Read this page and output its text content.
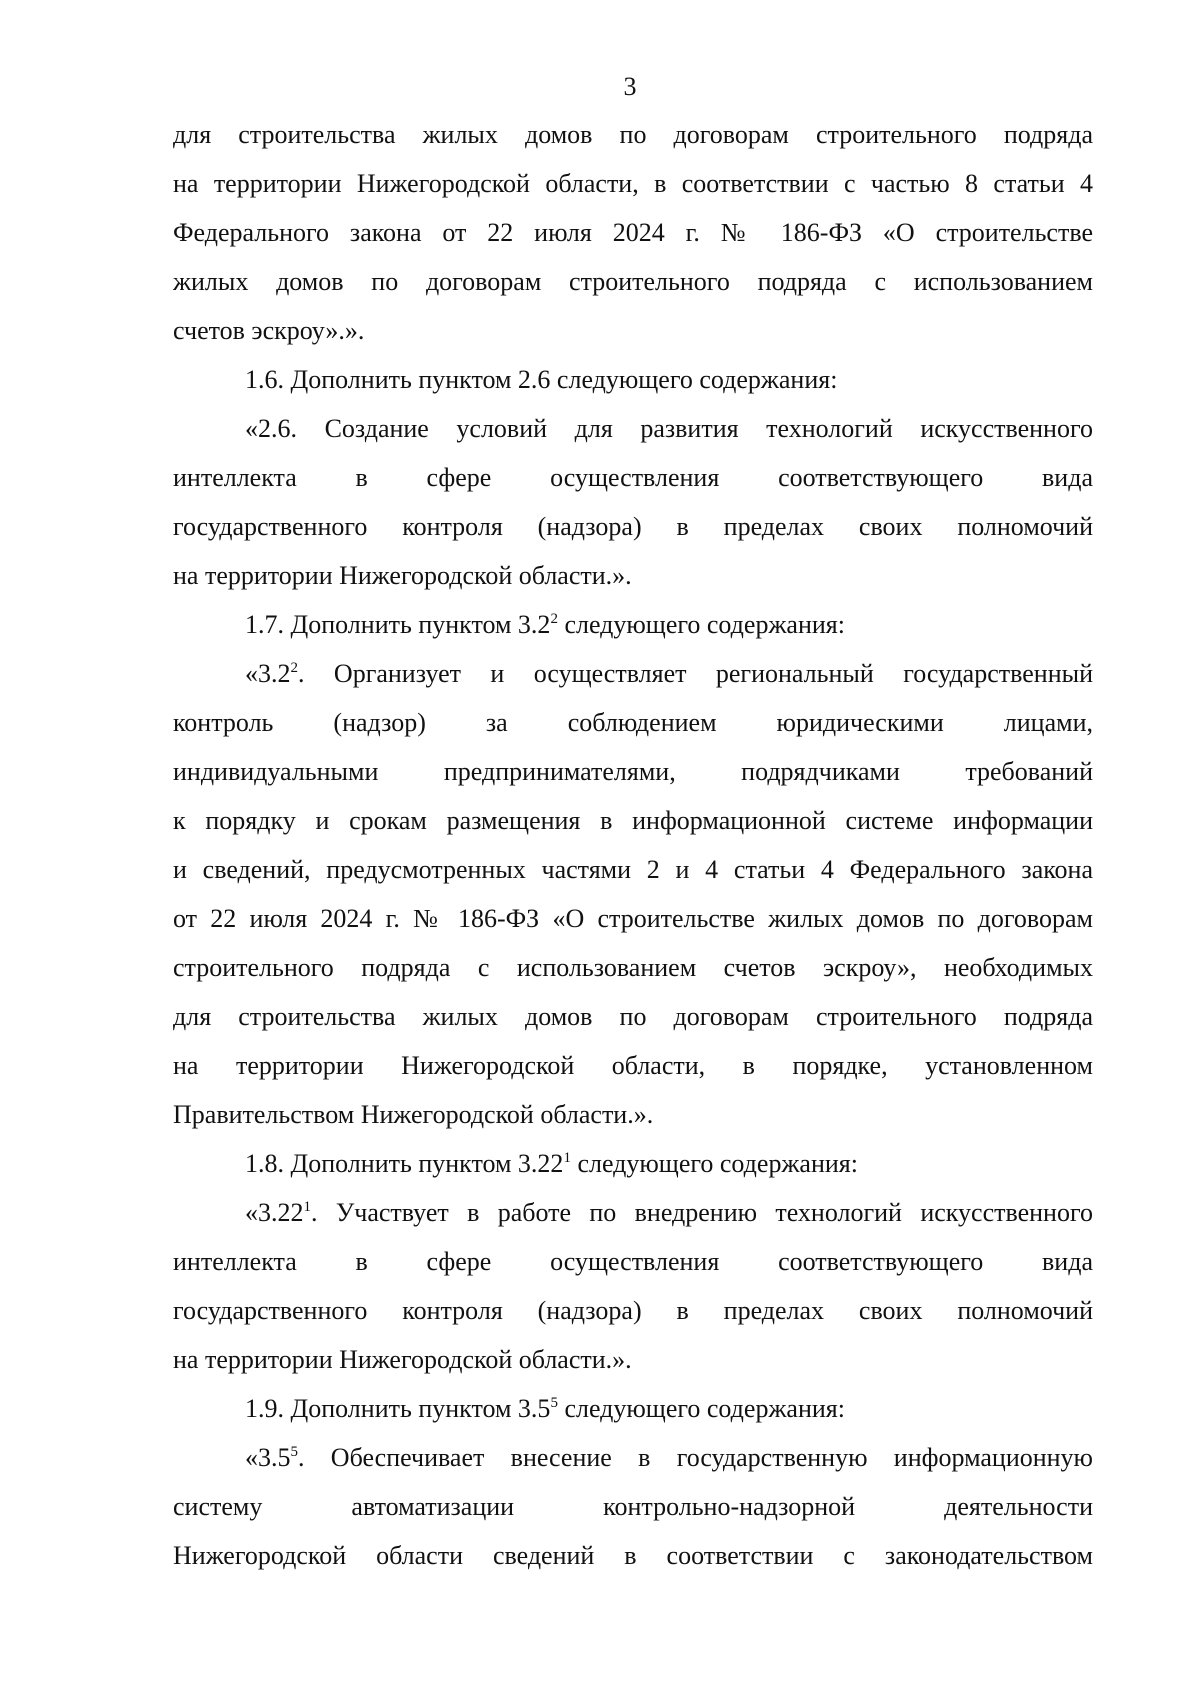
3
для строительства жилых домов по договорам строительного подряда
на территории Нижегородской области, в соответствии с частью 8 статьи 4
Федерального закона от 22 июля 2024 г. № 186-ФЗ «О строительстве
жилых домов по договорам строительного подряда с использованием
счетов эскроу».».
1.6. Дополнить пунктом 2.6 следующего содержания:
«2.6. Создание условий для развития технологий искусственного
интеллекта в сфере осуществления соответствующего вида
государственного контроля (надзора) в пределах своих полномочий
на территории Нижегородской области.».
1.7. Дополнить пунктом $3.2^2$ следующего содержания:
«$3.2^2$. Организует и осуществляет региональный государственный
контроль (надзор) за соблюдением юридическими лицами,
индивидуальными предпринимателями, подрядчиками требований
к порядку и срокам размещения в информационной системе информации
и сведений, предусмотренных частями 2 и 4 статьи 4 Федерального закона
от 22 июля 2024 г. № 186-ФЗ «О строительстве жилых домов по договорам
строительного подряда с использованием счетов эскроу», необходимых
для строительства жилых домов по договорам строительного подряда
на территории Нижегородской области, в порядке, установленном
Правительством Нижегородской области.».
1.8. Дополнить пунктом 3.22$^1$ следующего содержания:
«3.22$^1$. Участвует в работе по внедрению технологий искусственного
интеллекта в сфере осуществления соответствующего вида
государственного контроля (надзора) в пределах своих полномочий
на территории Нижегородской области.».
1.9. Дополнить пунктом $3.5^5$ следующего содержания:
«$3.5^5$. Обеспечивает внесение в государственную информационную
систему автоматизации контрольно-надзорной деятельности
Нижегородской области сведений в соответствии с законодательством
